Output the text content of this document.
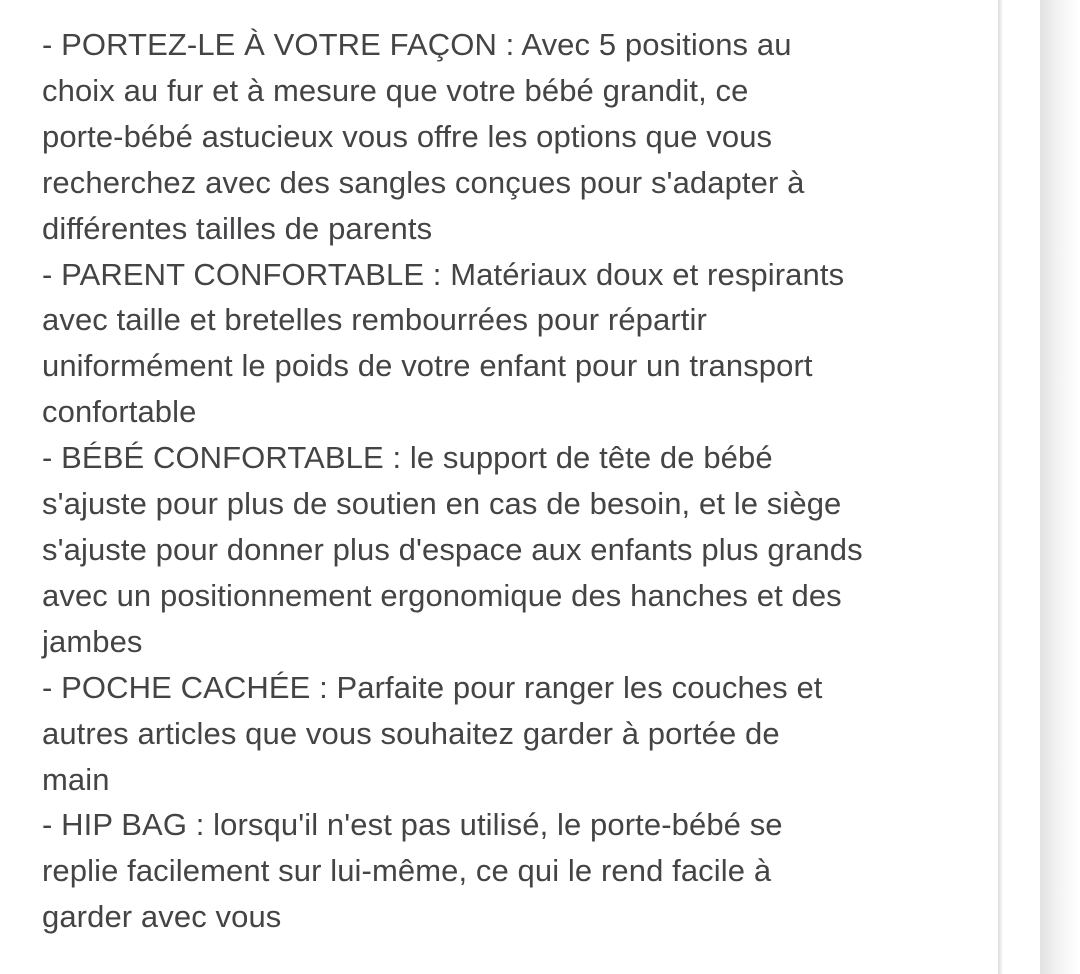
- PORTEZ-LE À VOTRE FAÇON : Avec 5 positions au
choix au fur et à mesure que votre bébé grandit, ce
porte-bébé astucieux vous offre les options que vous
recherchez avec des sangles conçues pour s'adapter à
différentes tailles de parents
- PARENT CONFORTABLE : Matériaux doux et respirants
avec taille et bretelles rembourrées pour répartir
uniformément le poids de votre enfant pour un transport
confortable
- BÉBÉ CONFORTABLE : le support de tête de bébé
s'ajuste pour plus de soutien en cas de besoin, et le siège
s'ajuste pour donner plus d'espace aux enfants plus grands
avec un positionnement ergonomique des hanches et des
jambes
- POCHE CACHÉE : Parfaite pour ranger les couches et
autres articles que vous souhaitez garder à portée de
main
- HIP BAG : lorsqu'il n'est pas utilisé, le porte-bébé se
replie facilement sur lui-même, ce qui le rend facile à
garder avec vous
